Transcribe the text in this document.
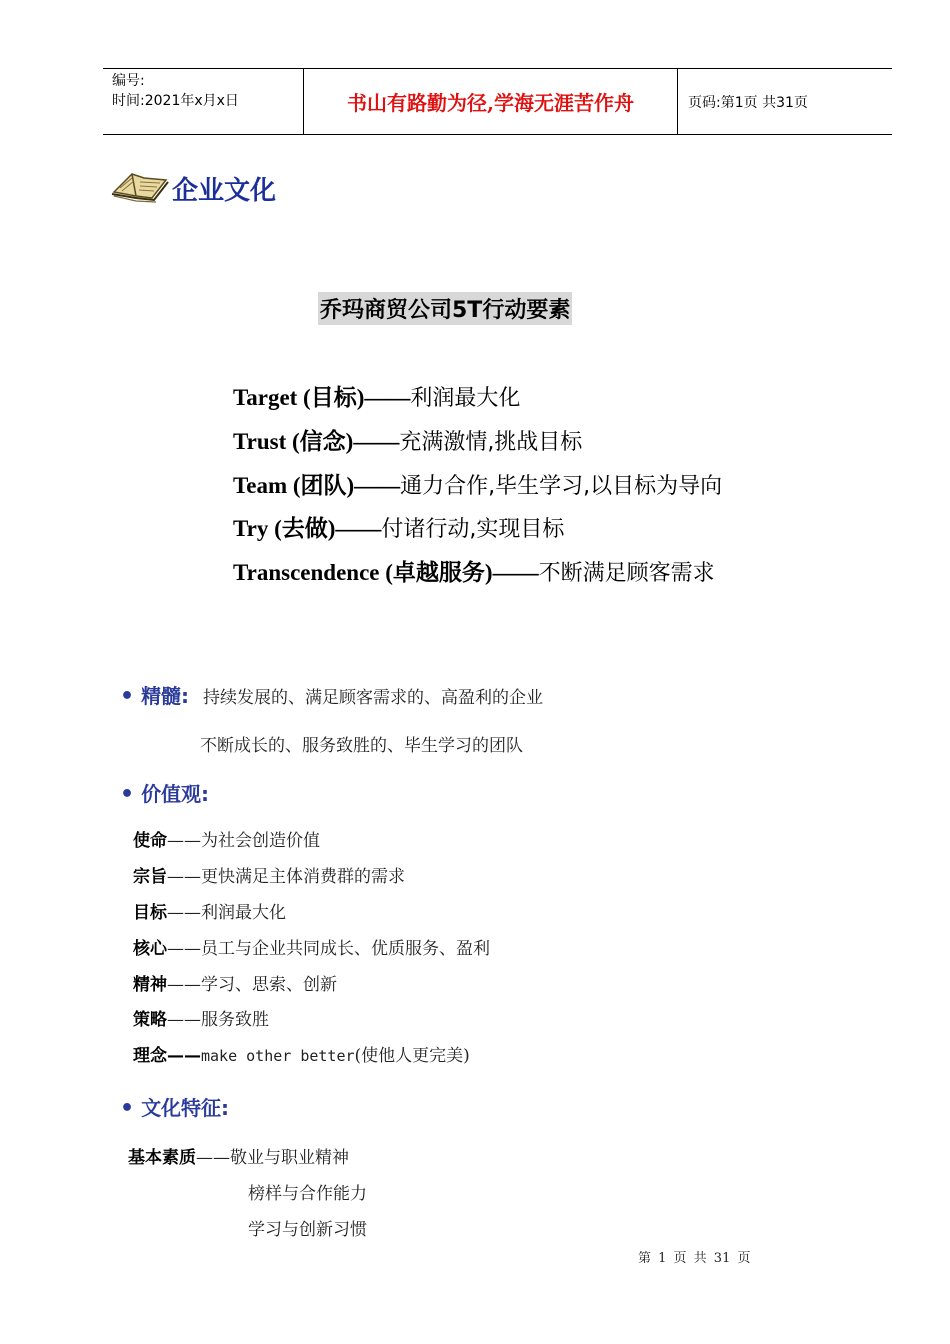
编号:
时间:2021年x月x日	书山有路勤为径,学海无涯苦作舟	页码:第1页 共31页
企业文化
乔玛商贸公司5T行动要素
Target (目标)——利润最大化
Trust (信念)——充满激情,挑战目标
Team (团队)——通力合作,毕生学习,以目标为导向
Try (去做)——付诸行动,实现目标
Transcendence (卓越服务)——不断满足顾客需求
• 精髓: 持续发展的、满足顾客需求的、高盈利的企业
不断成长的、服务致胜的、毕生学习的团队
• 价值观:
使命——为社会创造价值
宗旨——更快满足主体消费群的需求
目标——利润最大化
核心——员工与企业共同成长、优质服务、盈利
精神——学习、思索、创新
策略——服务致胜
理念——make other better(使他人更完美)
• 文化特征:
基本素质——敬业与职业精神
榜样与合作能力
学习与创新习惯
第 1 页 共 31 页
